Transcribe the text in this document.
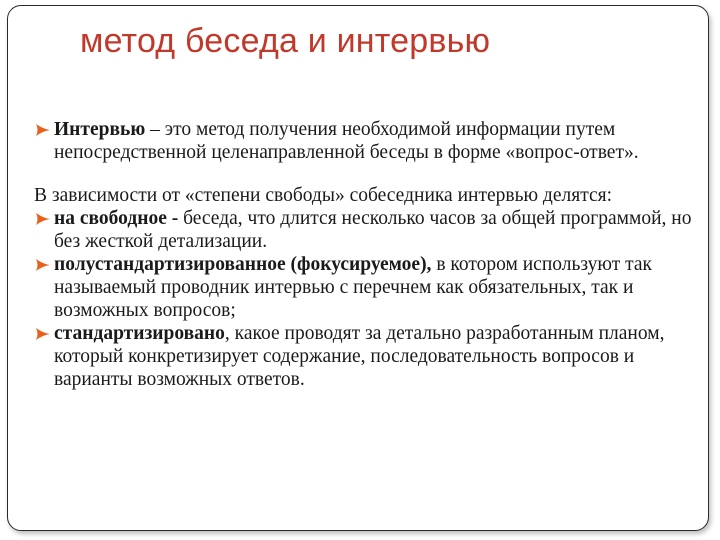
метод беседа и интервью

Интервью – это метод получения необходимой информации путем непосредственной целенаправленной беседы в форме «вопрос-ответ».

В зависимости от «степени свободы» собеседника интервью делятся:

на свободное - беседа, что длится несколько часов за общей программой, но без жесткой детализации.

полустандартизированное (фокусируемое), в котором используют так называемый проводник интервью с перечнем как обязательных, так и возможных вопросов;

стандартизировано, какое проводят за детально разработанным планом, который конкретизирует содержание, последовательность вопросов и варианты возможных ответов.
